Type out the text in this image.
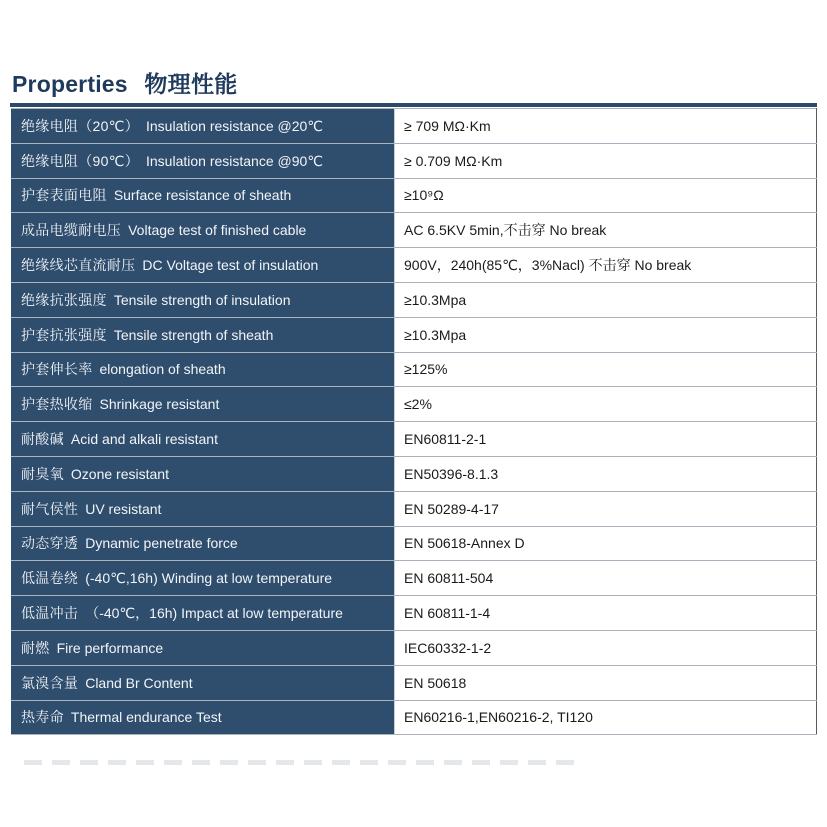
Properties 物理性能
绝缘电阻（20℃） Insulation resistance @20℃	≥ 709 MΩ·Km
绝缘电阻（90℃） Insulation resistance @90℃	≥ 0.709 MΩ·Km
护套表面电阻 Surface resistance of sheath	≥10⁹Ω
成品电缆耐电压 Voltage test of finished cable	AC 6.5KV 5min,不击穿 No break
绝缘线芯直流耐压 DC Voltage test of insulation	900V，240h(85℃，3%Nacl) 不击穿 No break
绝缘抗张强度 Tensile strength of insulation	≥10.3Mpa
护套抗张强度 Tensile strength of sheath	≥10.3Mpa
护套伸长率 elongation of sheath	≥125%
护套热收缩 Shrinkage resistant	≤2%
耐酸碱 Acid and alkali resistant	EN60811-2-1
耐臭氧 Ozone resistant	EN50396-8.1.3
耐气侯性 UV resistant	EN 50289-4-17
动态穿透 Dynamic penetrate force	EN 50618-Annex D
低温卷绕 (-40℃,16h) Winding at low temperature	EN 60811-504
低温冲击 （-40℃，16h) Impact at low temperature	EN 60811-1-4
耐燃 Fire performance	IEC60332-1-2
氯溴含量 Cland Br Content	EN 50618
热寿命 Thermal endurance Test	EN60216-1,EN60216-2, TI120
